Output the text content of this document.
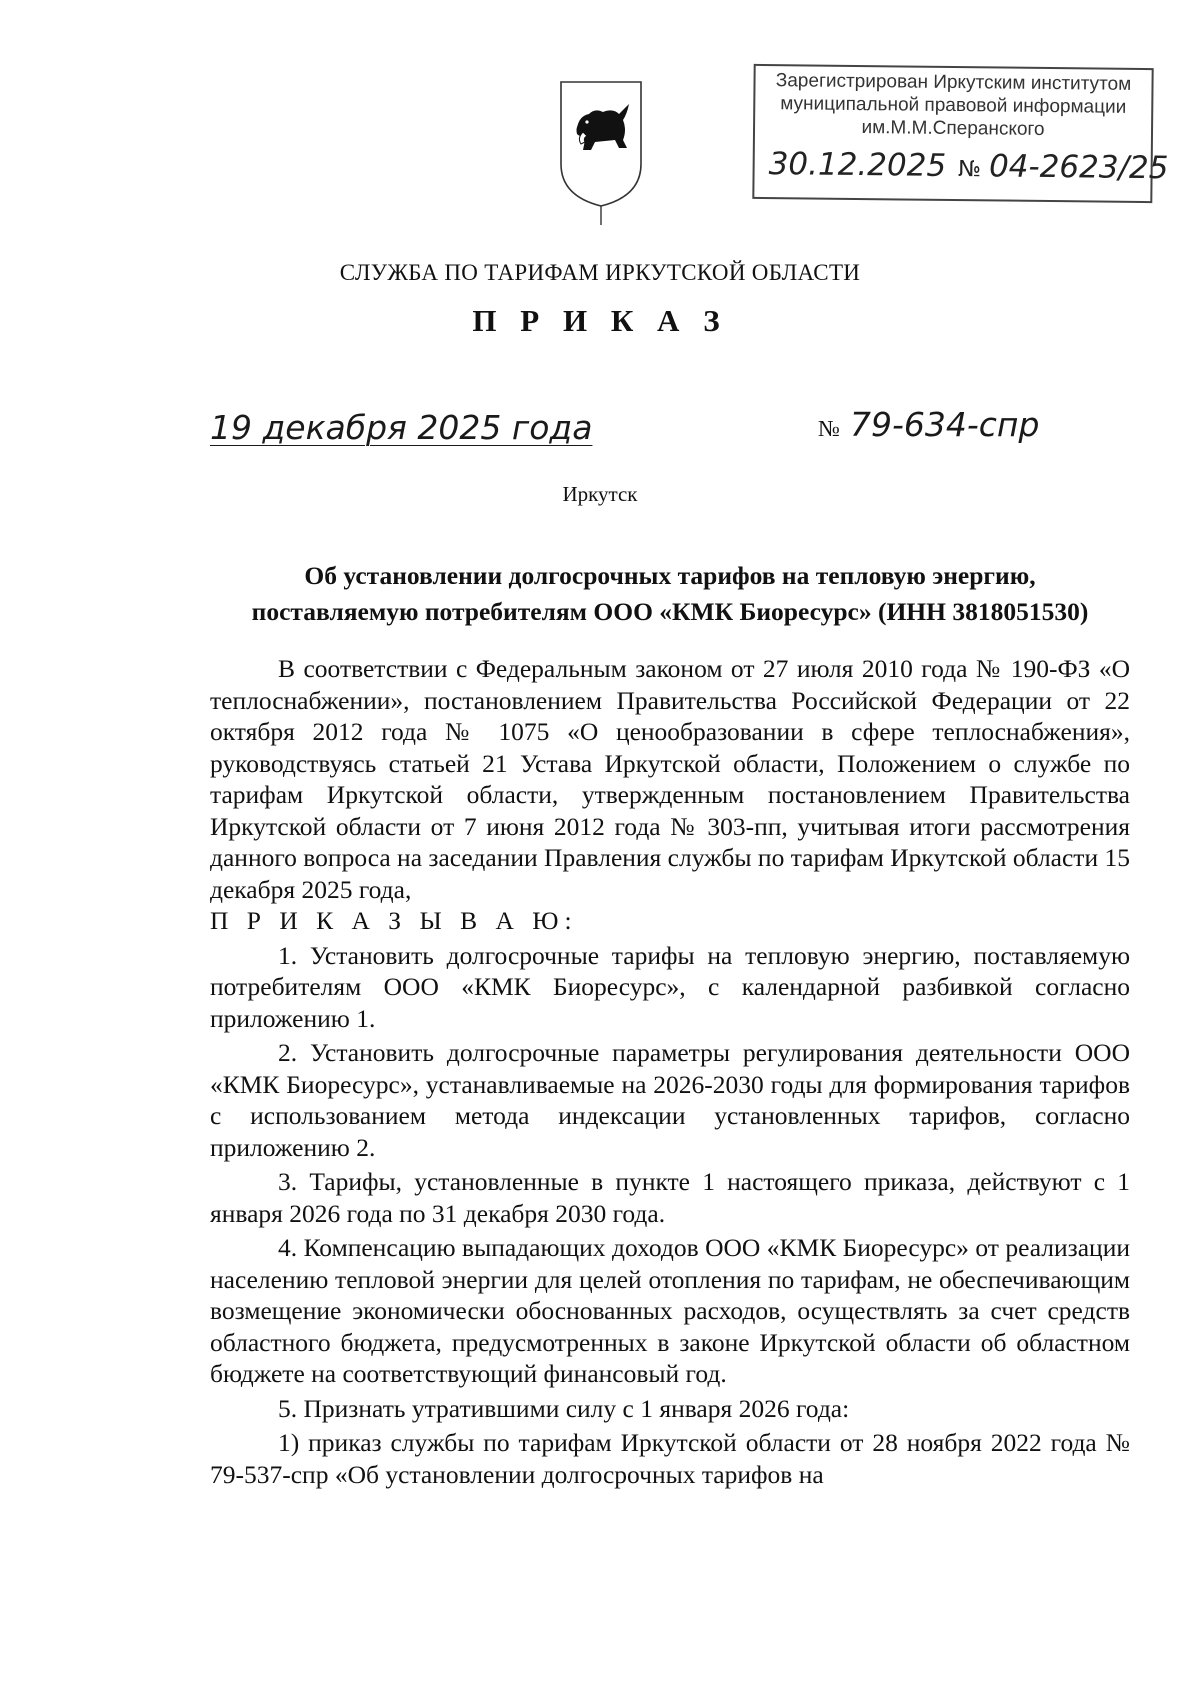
Зарегистрирован Иркутским институтом
муниципальной правовой информации
им.М.М.Сперанского
30.12.2025 № 04-2623/25
СЛУЖБА ПО ТАРИФАМ ИРКУТСКОЙ ОБЛАСТИ
П Р И К А З
19 декабря 2025 года	№ 79-634-спр
Иркутск
Об установлении долгосрочных тарифов на тепловую энергию,
поставляемую потребителям ООО «КМК Биоресурс» (ИНН 3818051530)

В соответствии с Федеральным законом от 27 июля 2010 года № 190-ФЗ «О теплоснабжении», постановлением Правительства Российской Федерации от 22 октября 2012 года № 1075 «О ценообразовании в сфере теплоснабжения», руководствуясь статьей 21 Устава Иркутской области, Положением о службе по тарифам Иркутской области, утвержденным постановлением Правительства Иркутской области от 7 июня 2012 года № 303-пп, учитывая итоги рассмотрения данного вопроса на заседании Правления службы по тарифам Иркутской области 15 декабря 2025 года,

П Р И К А З Ы В А Ю:

1. Установить долгосрочные тарифы на тепловую энергию, поставляемую потребителям ООО «КМК Биоресурс», с календарной разбивкой согласно приложению 1.

2. Установить долгосрочные параметры регулирования деятельности ООО «КМК Биоресурс», устанавливаемые на 2026-2030 годы для формирования тарифов с использованием метода индексации установленных тарифов, согласно приложению 2.

3. Тарифы, установленные в пункте 1 настоящего приказа, действуют с 1 января 2026 года по 31 декабря 2030 года.

4. Компенсацию выпадающих доходов ООО «КМК Биоресурс» от реализации населению тепловой энергии для целей отопления по тарифам, не обеспечивающим возмещение экономически обоснованных расходов, осуществлять за счет средств областного бюджета, предусмотренных в законе Иркутской области об областном бюджете на соответствующий финансовый год.

5. Признать утратившими силу с 1 января 2026 года:

1) приказ службы по тарифам Иркутской области от 28 ноября 2022 года № 79-537-спр «Об установлении долгосрочных тарифов на
